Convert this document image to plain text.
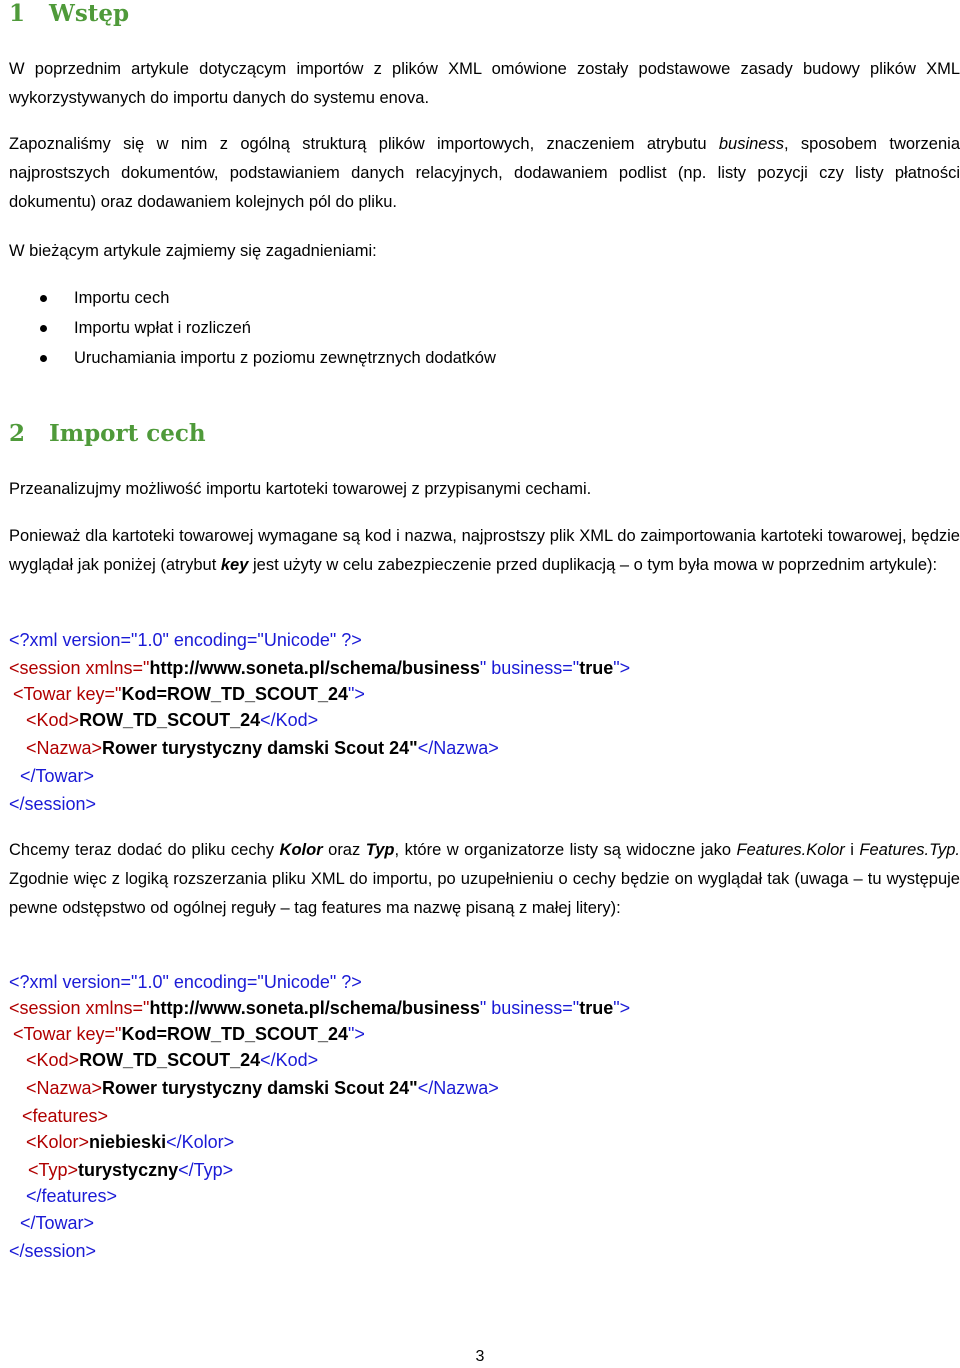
1 Wstęp
W poprzednim artykule dotyczącym importów z plików XML omówione zostały podstawowe zasady budowy plików XML wykorzystywanych do importu danych do systemu enova.
Zapoznaliśmy się w nim z ogólną strukturą plików importowych, znaczeniem atrybutu business, sposobem tworzenia najprostszych dokumentów, podstawianiem danych relacyjnych, dodawaniem podlist (np. listy pozycji czy listy płatności dokumentu) oraz dodawaniem kolejnych pól do pliku.
W bieżącym artykule zajmiemy się zagadnieniami:
Importu cech
Importu wpłat i rozliczeń
Uruchamiania importu z poziomu zewnętrznych dodatków
2 Import cech
Przeanalizujmy możliwość importu kartoteki towarowej z przypisanymi cechami.
Ponieważ dla kartoteki towarowej wymagane są kod i nazwa, najprostszy plik XML do zaimportowania kartoteki towarowej, będzie wyglądał jak poniżej (atrybut key jest użyty w celu zabezpieczenie przed duplikacją – o tym była mowa w poprzednim artykule):
<?xml version="1.0" encoding="Unicode" ?>
<session xmlns="http://www.soneta.pl/schema/business" business="true">
<Towar key="Kod=ROW_TD_SCOUT_24">
<Kod>ROW_TD_SCOUT_24</Kod>
<Nazwa>Rower turystyczny damski Scout 24"</Nazwa>
</Towar>
</session>
Chcemy teraz dodać do pliku cechy Kolor oraz Typ, które w organizatorze listy są widoczne jako Features.Kolor i Features.Typ. Zgodnie więc z logiką rozszerzania pliku XML do importu, po uzupełnieniu o cechy będzie on wyglądał tak (uwaga – tu występuje pewne odstępstwo od ogólnej reguły – tag features ma nazwę pisaną z małej litery):
<?xml version="1.0" encoding="Unicode" ?>
<session xmlns="http://www.soneta.pl/schema/business" business="true">
<Towar key="Kod=ROW_TD_SCOUT_24">
<Kod>ROW_TD_SCOUT_24</Kod>
<Nazwa>Rower turystyczny damski Scout 24"</Nazwa>
<features>
<Kolor>niebieski</Kolor>
<Typ>turystyczny</Typ>
</features>
</Towar>
</session>
3
